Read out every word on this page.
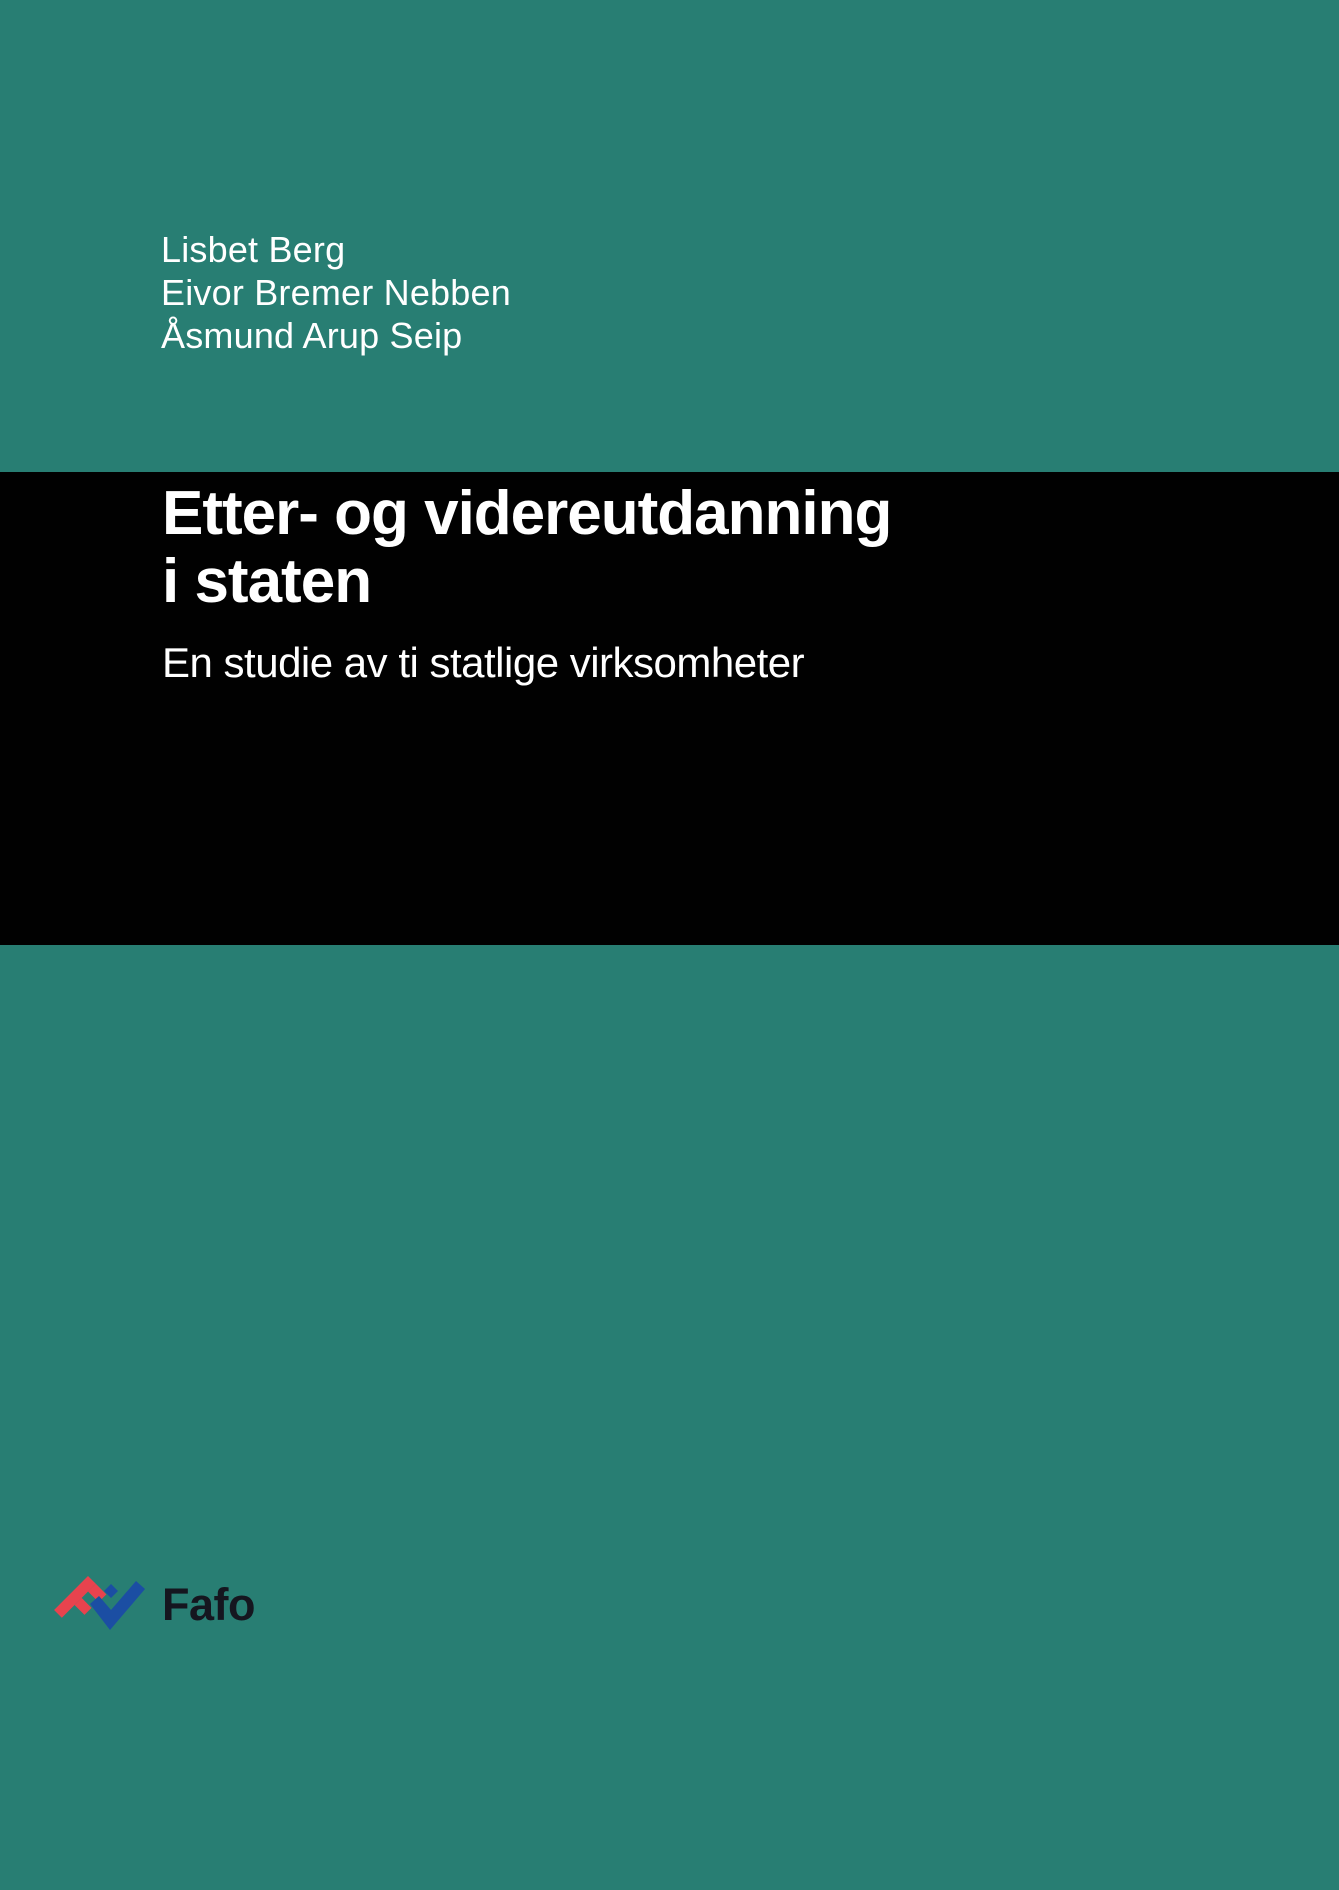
Lisbet Berg
Eivor Bremer Nebben
Åsmund Arup Seip
Etter- og videreutdanning
i staten
En studie av ti statlige virksomheter
Fafo
